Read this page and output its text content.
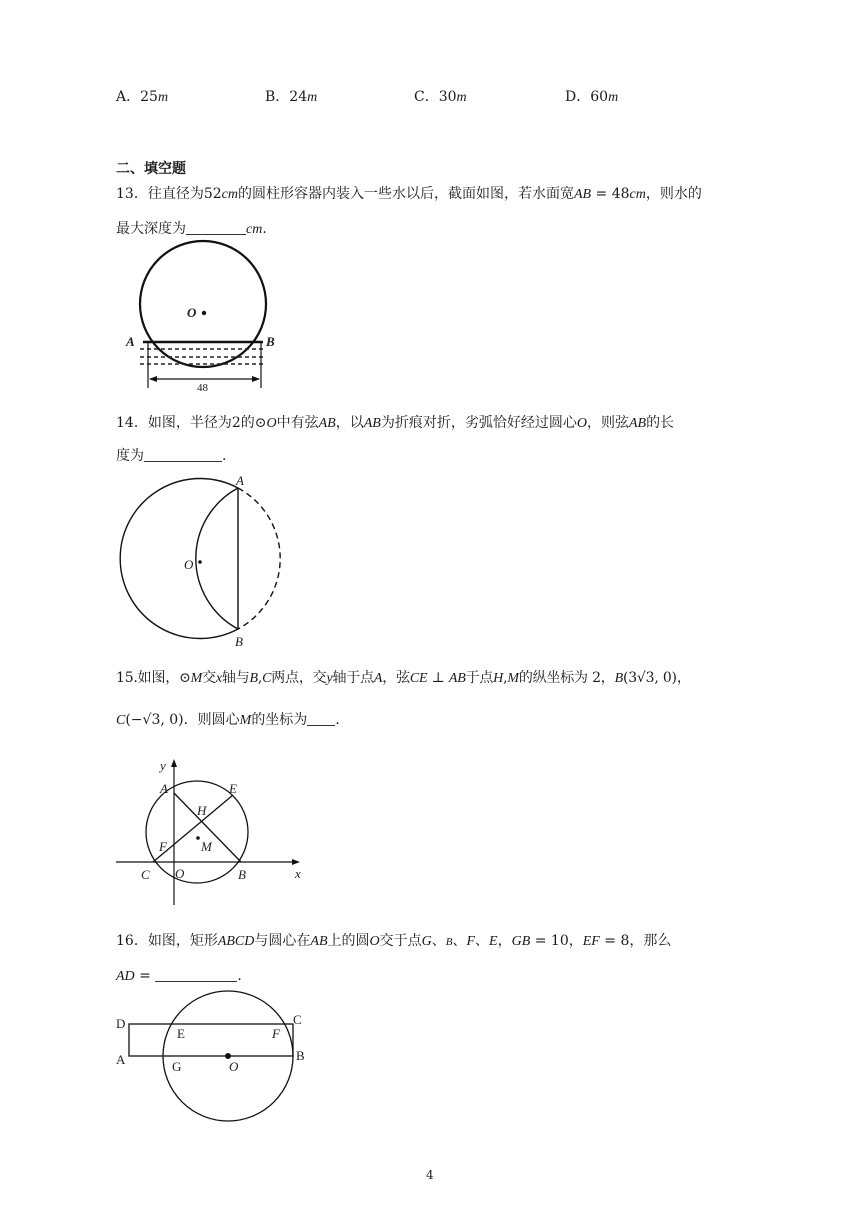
A．25m	B．24m	C．30m	D．60m
二、填空题
13．往直径为52cm的圆柱形容器内装入一些水以后，截面如图，若水面宽AB = 48cm，则水的
最大深度为	cm.
O
A	B
48
14．如图，半径为2的⊙O中有弦AB，以AB为折痕对折，劣弧恰好经过圆心O，则弦AB的长
度为	.
A
B
O
15.如图，⊙M交x轴与B,C两点，交y轴于点A，弦CE ⊥ AB于点H,M的纵坐标为 2，B(3√3, 0)，
C(−√3, 0)．则圆心M的坐标为 ．
y
x
A	E
H
F	M
C O	B
16．如图，矩形ABCD与圆心在AB上的圆O交于点G、B、F、E，GB = 10，EF = 8，那么
AD =	.
D	C
E	F
A	G	O
B
4
